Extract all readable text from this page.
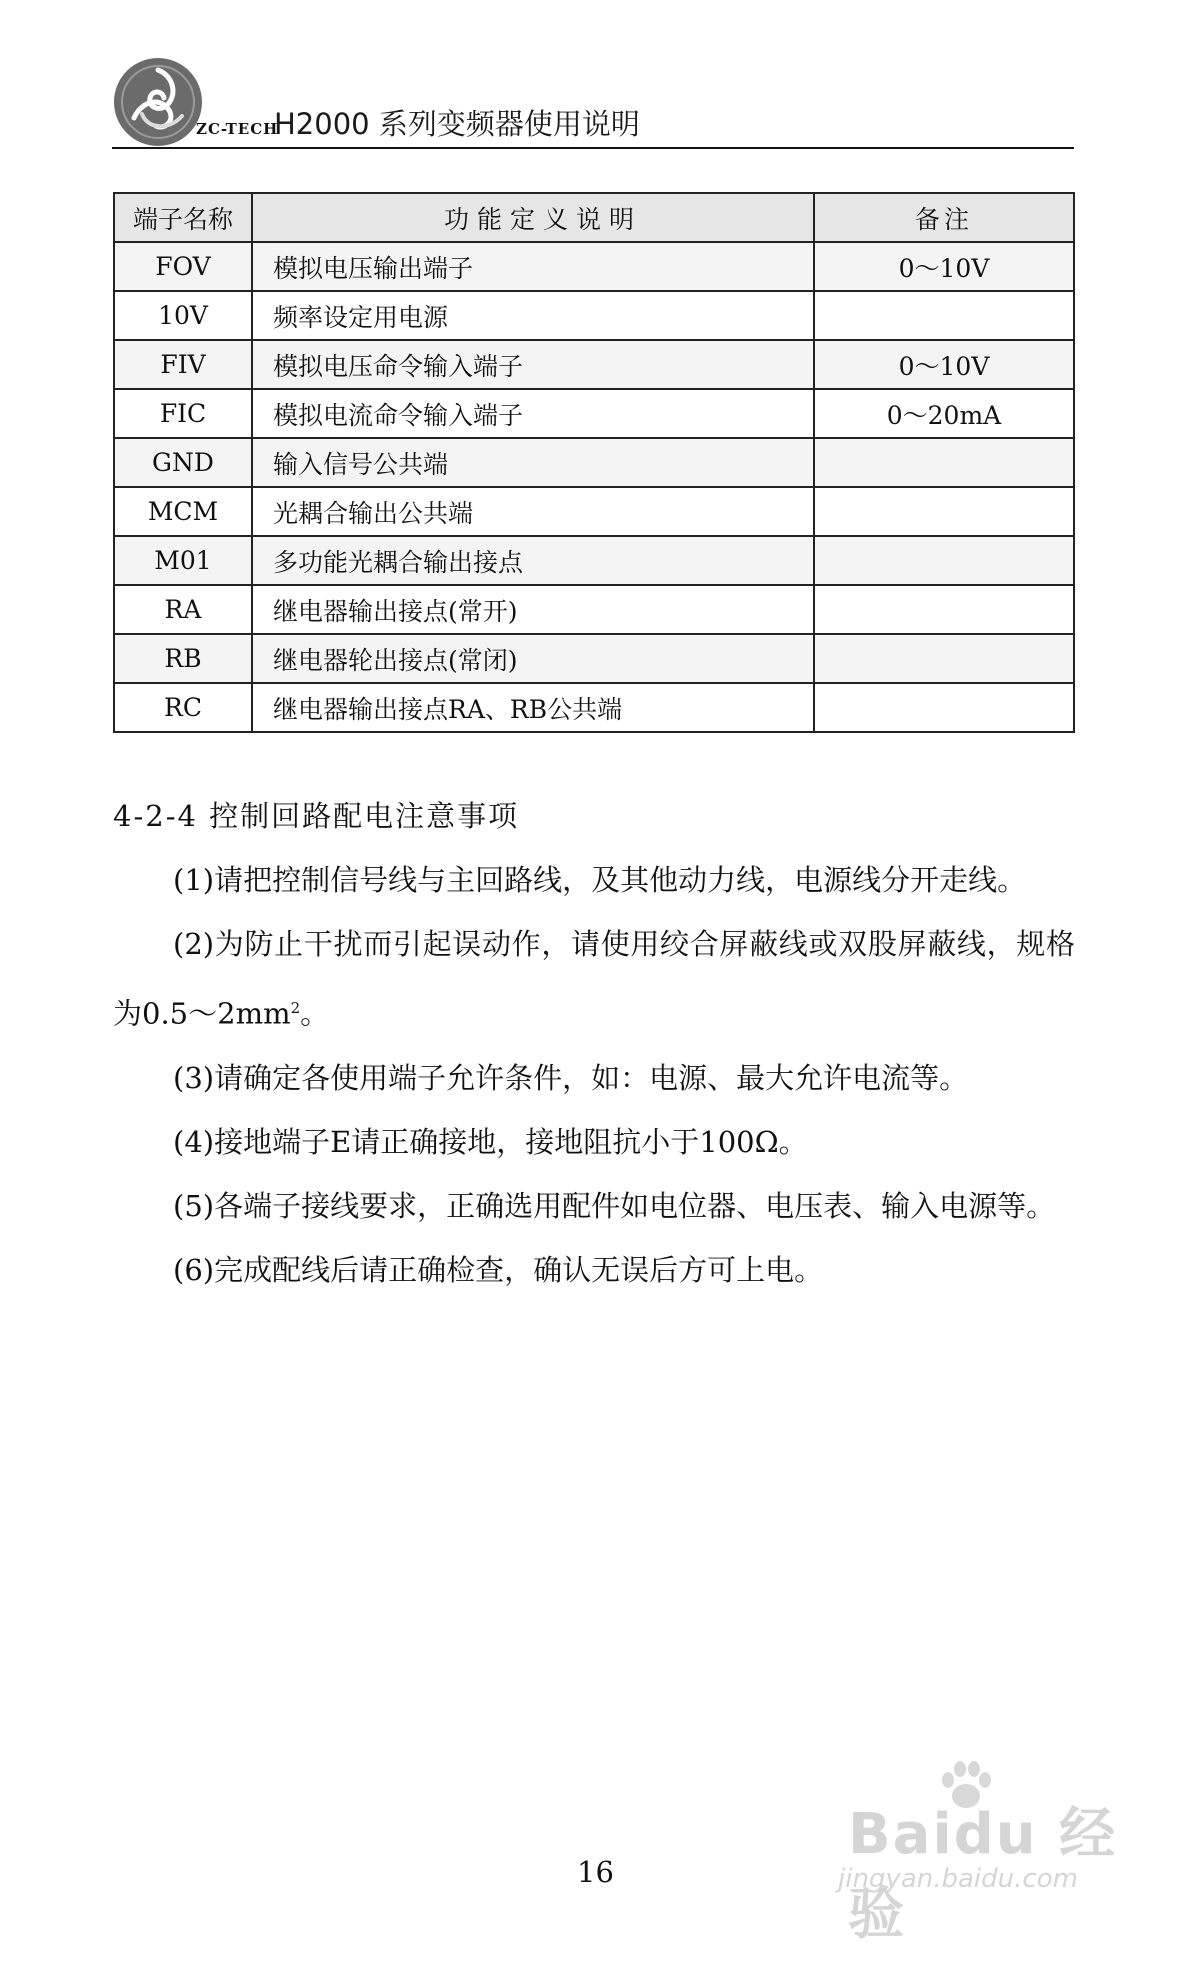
ZC-TECH
H2000 系列变频器使用说明
端子名称	功能定义说明	备注
FOV	模拟电压输出端子	0～10V
10V	频率设定用电源	
FIV	模拟电压命令输入端子	0～10V
FIC	模拟电流命令输入端子	0～20mA
GND	输入信号公共端	
MCM	光耦合输出公共端	
M01	多功能光耦合输出接点	
RA	继电器输出接点(常开)	
RB	继电器轮出接点(常闭)	
RC	继电器输出接点RA、RB公共端	

4-2-4 控制回路配电注意事项

(1)请把控制信号线与主回路线，及其他动力线，电源线分开走线。

(2)为防止干扰而引起误动作，请使用绞合屏蔽线或双股屏蔽线，规格为$0.5\sim 2mm^2$。

(3)请确定各使用端子允许条件，如：电源、最大允许电流等。

(4)接地端子E请正确接地，接地阻抗小于100Ω。

(5)各端子接线要求，正确选用配件如电位器、电压表、输入电源等。

(6)完成配线后请正确检查，确认无误后方可上电。

16
Baidu 经验
jingyan.baidu.com
